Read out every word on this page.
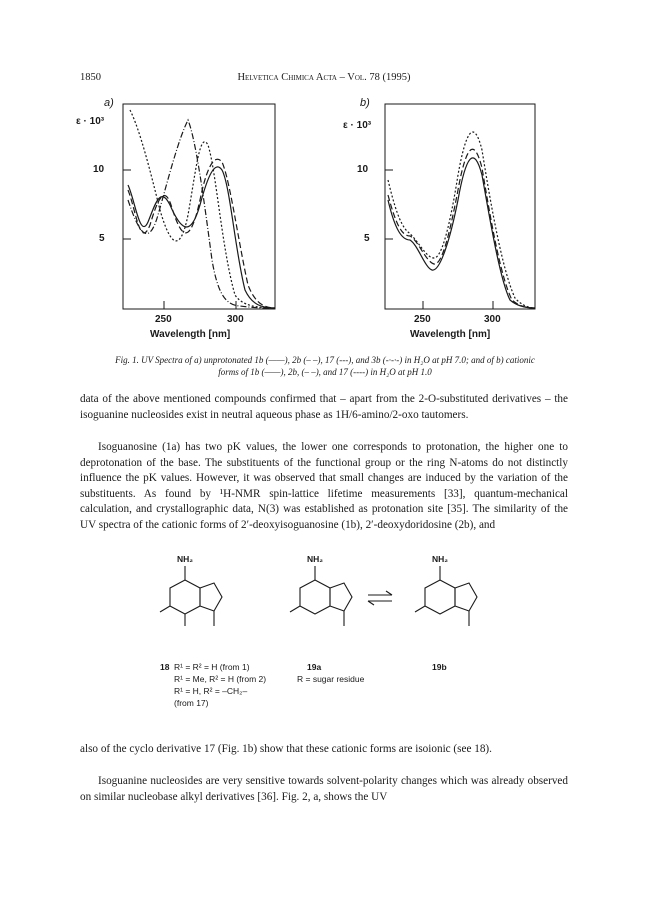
1850	Helvetica Chimica Acta – Vol. 78 (1995)
a)
ε · 10³
10
5
250	300
Wavelength [nm]
b)
ε · 10³
10
5
250	300
Wavelength [nm]
Fig. 1. UV Spectra of a) unprotonated 1b (——), 2b (– –), 17 (---), and 3b (-·-·-) in H₂O at pH 7.0; and of b) cationic
forms of 1b (——), 2b, (– –), and 17 (----) in H₂O at pH 1.0

data of the above mentioned compounds confirmed that – apart from the 2-O-substituted derivatives – the isoguanine nucleosides exist in neutral aqueous phase as 1H/6-amino/2-oxo tautomers.

Isoguanosine (1a) has two pK values, the lower one corresponds to protonation, the higher one to deprotonation of the base. The substituents of the functional group or the ring N-atoms do not distinctly influence the pK values. However, it was observed that small changes are induced by the variation of the substituents. As found by ¹H-NMR spin-lattice lifetime measurements [33], quantum-mechanical calculation, and crystallographic data, N(3) was established as protonation site [35]. The similarity of the UV spectra of the cationic forms of 2′-deoxyisoguanosine (1b), 2′-deoxydoridosine (2b), and

NH₂	NH₂	NH₂
18 R¹ = R² = H (from 1)
R¹ = Me, R² = H (from 2)
R¹ = H, R² = –CH₂–
(from 17)
19a
R = sugar residue
19b

also of the cyclo derivative 17 (Fig. 1b) show that these cationic forms are isoionic (see 18).

Isoguanine nucleosides are very sensitive towards solvent-polarity changes which was already observed on similar nucleobase alkyl derivatives [36]. Fig. 2, a, shows the UV
